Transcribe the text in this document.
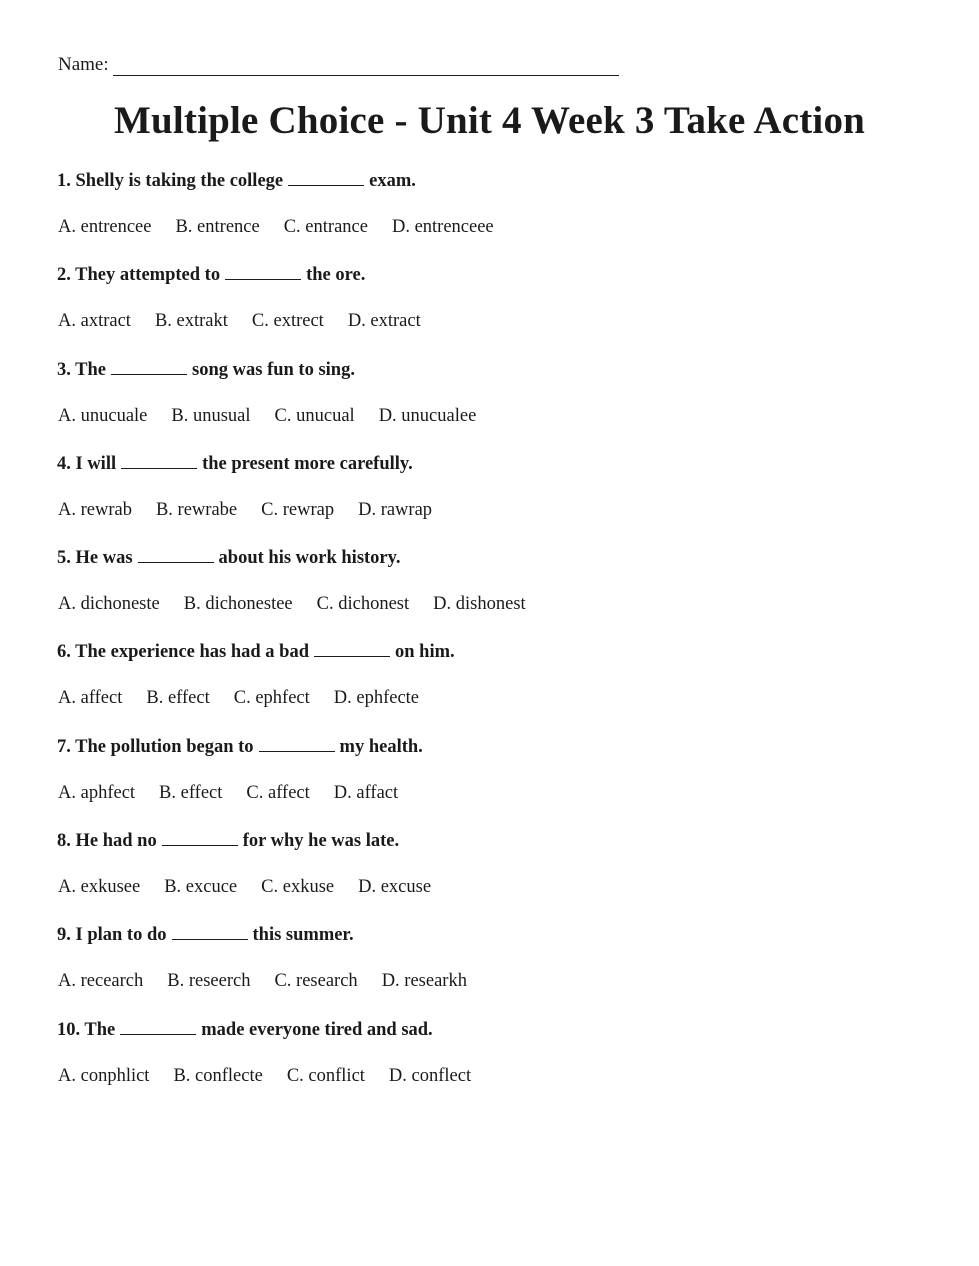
Name:
Multiple Choice - Unit 4 Week 3 Take Action
1. Shelly is taking the college	exam.
A. entrencee B. entrence C. entrance D. entrenceee
2. They attempted to	the ore.
A. axtract B. extrakt C. extrect D. extract
3. The	song was fun to sing.
A. unucuale B. unusual C. unucual D. unucualee
4. I will	the present more carefully.
A. rewrab B. rewrabe C. rewrap D. rawrap
5. He was	about his work history.
A. dichoneste B. dichonestee C. dichonest D. dishonest
6. The experience has had a bad	on him.
A. affect B. effect C. ephfect D. ephfecte
7. The pollution began to	my health.
A. aphfect B. effect C. affect D. affact
8. He had no	for why he was late.
A. exkusee B. excuce C. exkuse D. excuse
9. I plan to do	this summer.
A. recearch B. reseerch C. research D. researkh
10. The	made everyone tired and sad.
A. conphlict B. conflecte C. conflict D. conflect
